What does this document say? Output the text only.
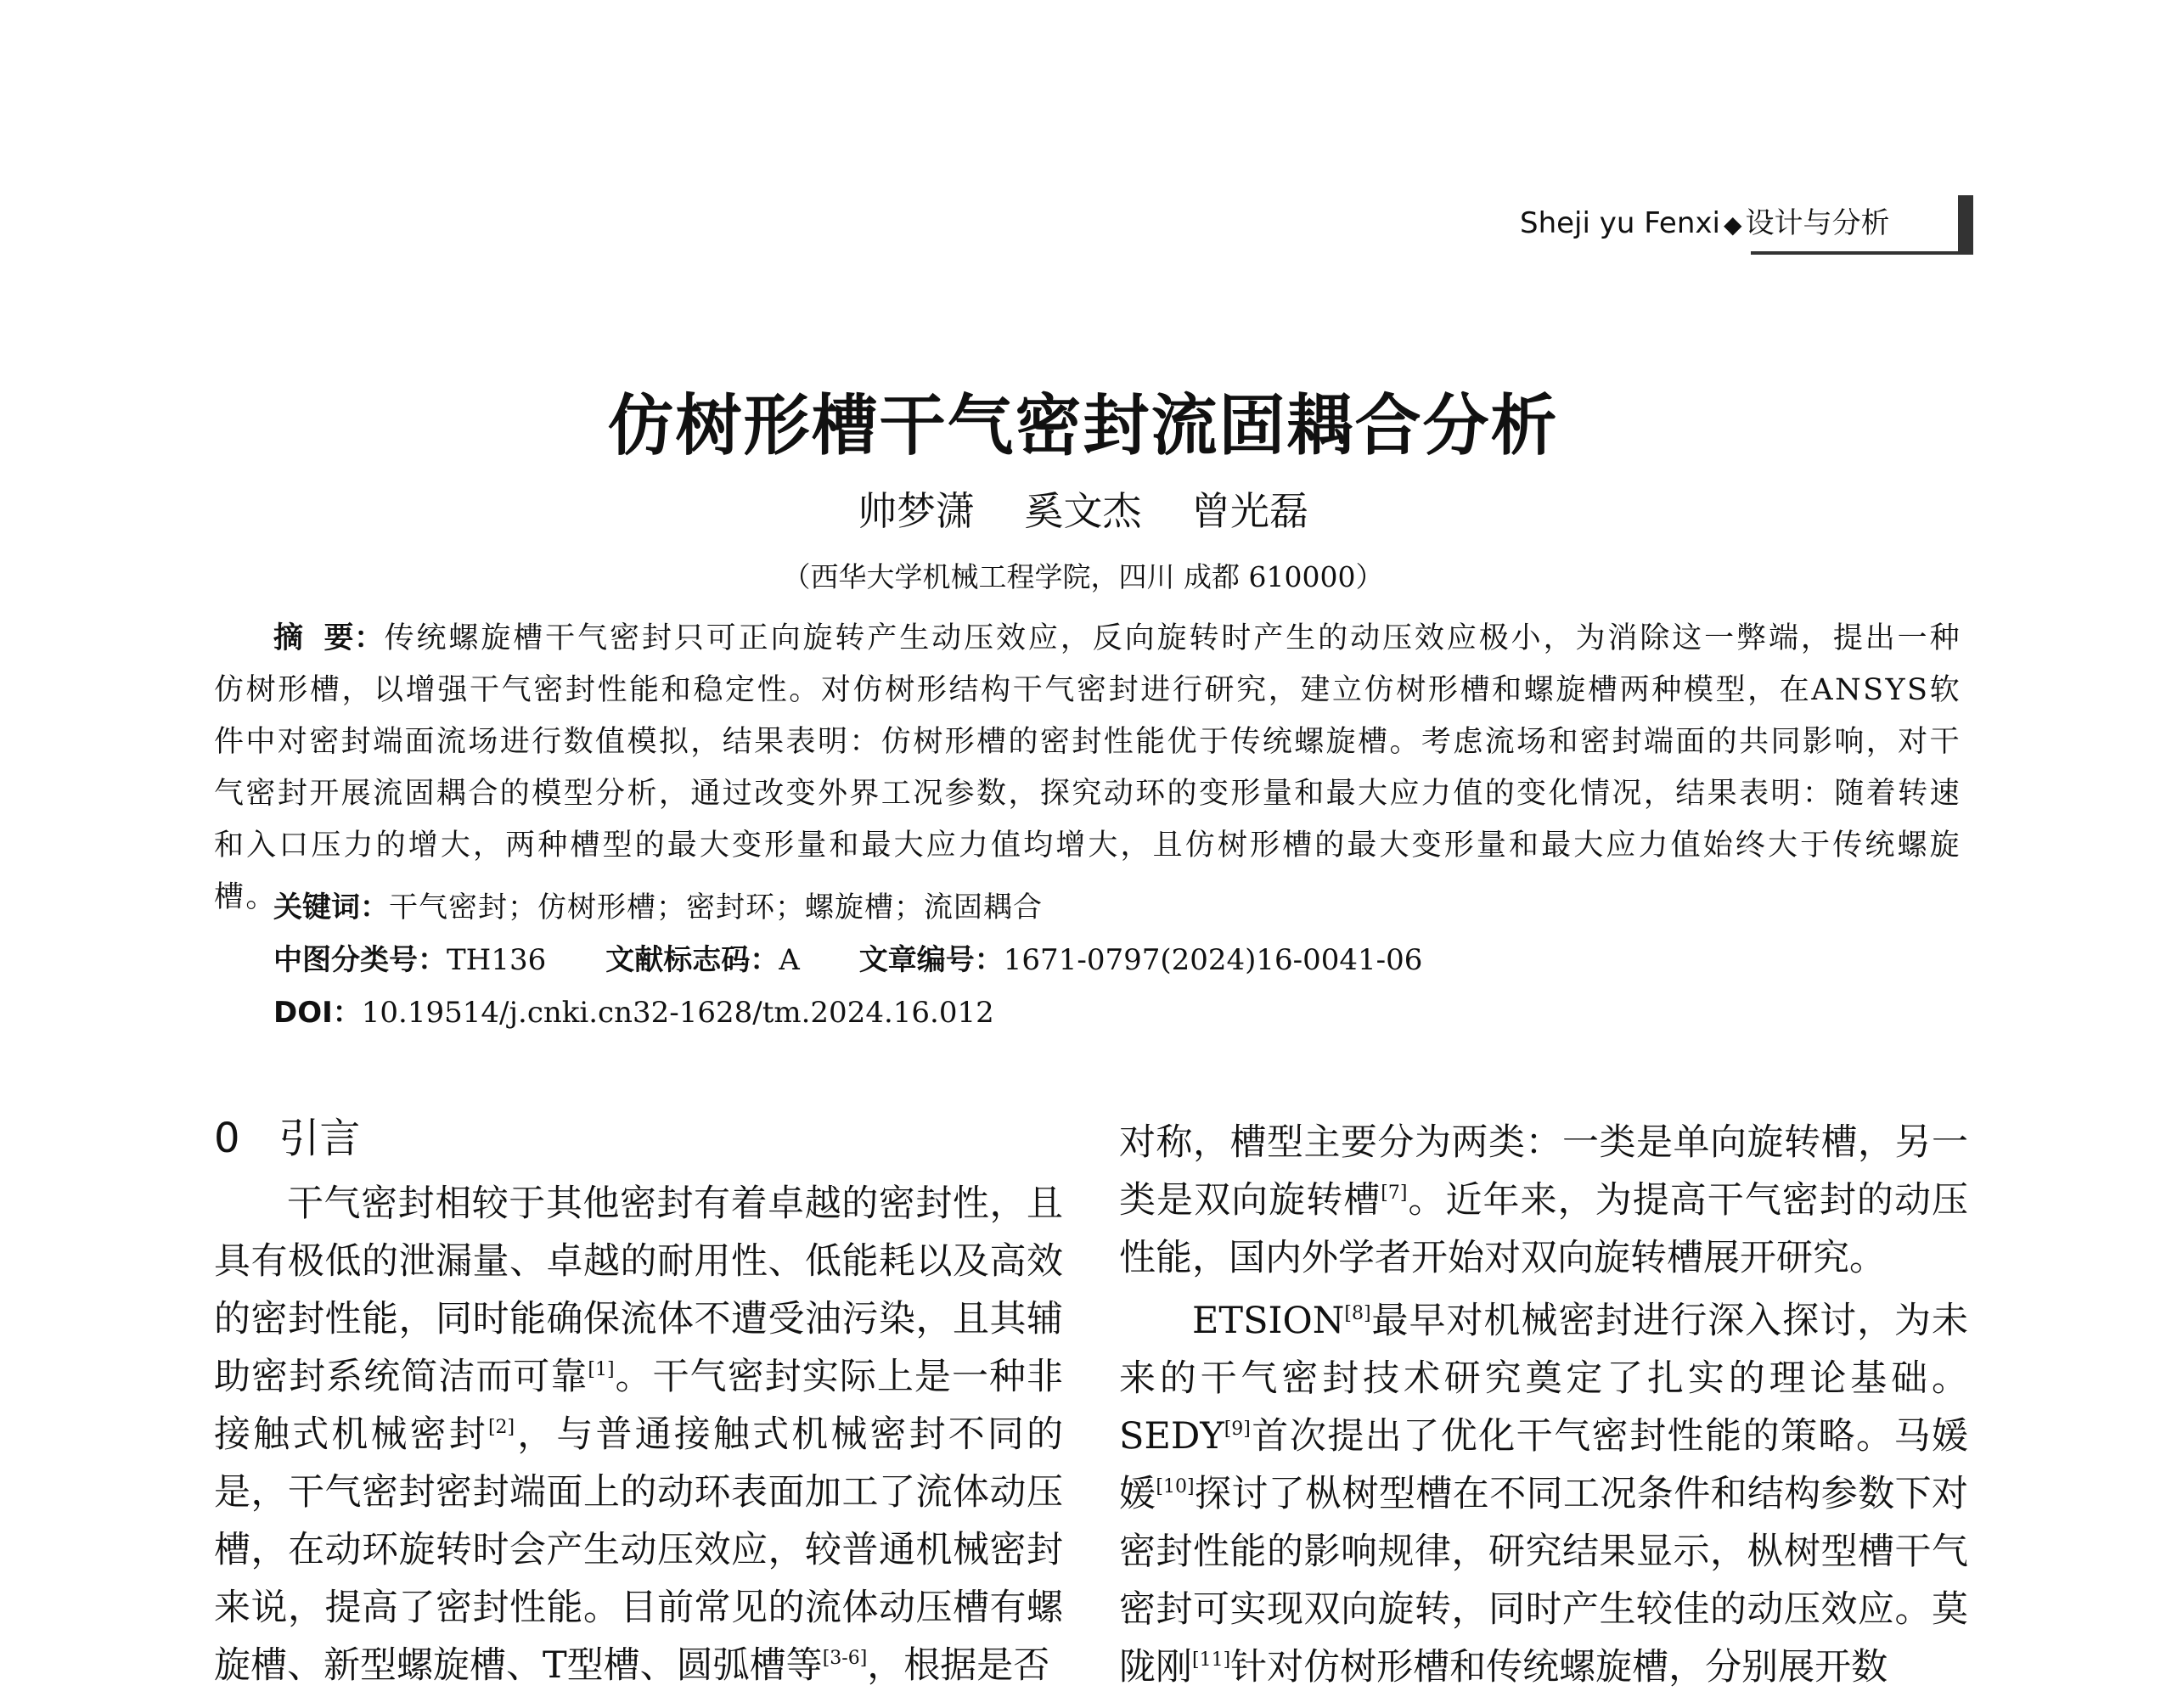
Sheji yu Fenxi ◆ 设计与分析
仿树形槽干气密封流固耦合分析
帅梦潇    奚文杰    曾光磊
（西华大学机械工程学院，四川 成都 610000）
摘要：传统螺旋槽干气密封只可正向旋转产生动压效应，反向旋转时产生的动压效应极小，为消除这一弊端，提出一种仿树形槽，以增强干气密封性能和稳定性。对仿树形结构干气密封进行研究，建立仿树形槽和螺旋槽两种模型，在ANSYS软件中对密封端面流场进行数值模拟，结果表明：仿树形槽的密封性能优于传统螺旋槽。考虑流场和密封端面的共同影响，对干气密封开展流固耦合的模型分析，通过改变外界工况参数，探究动环的变形量和最大应力值的变化情况，结果表明：随着转速和入口压力的增大，两种槽型的最大变形量和最大应力值均增大，且仿树形槽的最大变形量和最大应力值始终大于传统螺旋槽。
关键词：干气密封；仿树形槽；密封环；螺旋槽；流固耦合
中图分类号：TH136 文献标志码：A 文章编号：1671-0797(2024)16-0041-06
DOI：10.19514/j.cnki.cn32-1628/tm.2024.16.012
0 引言

干气密封相较于其他密封有着卓越的密封性，且具有极低的泄漏量、卓越的耐用性、低能耗以及高效的密封性能，同时能确保流体不遭受油污染，且其辅助密封系统简洁而可靠[1]。干气密封实际上是一种非接触式机械密封[2]，与普通接触式机械密封不同的是，干气密封密封端面上的动环表面加工了流体动压槽，在动环旋转时会产生动压效应，较普通机械密封来说，提高了密封性能。目前常见的流体动压槽有螺旋槽、新型螺旋槽、T型槽、圆弧槽等[3-6]，根据是否

对称，槽型主要分为两类：一类是单向旋转槽，另一类是双向旋转槽[7]。近年来，为提高干气密封的动压性能，国内外学者开始对双向旋转槽展开研究。

ETSION[8]最早对机械密封进行深入探讨，为未来的干气密封技术研究奠定了扎实的理论基础。SEDY[9]首次提出了优化干气密封性能的策略。马媛媛[10]探讨了枞树型槽在不同工况条件和结构参数下对密封性能的影响规律，研究结果显示，枞树型槽干气密封可实现双向旋转，同时产生较佳的动压效应。莫陇刚[11]针对仿树形槽和传统螺旋槽，分别展开数
